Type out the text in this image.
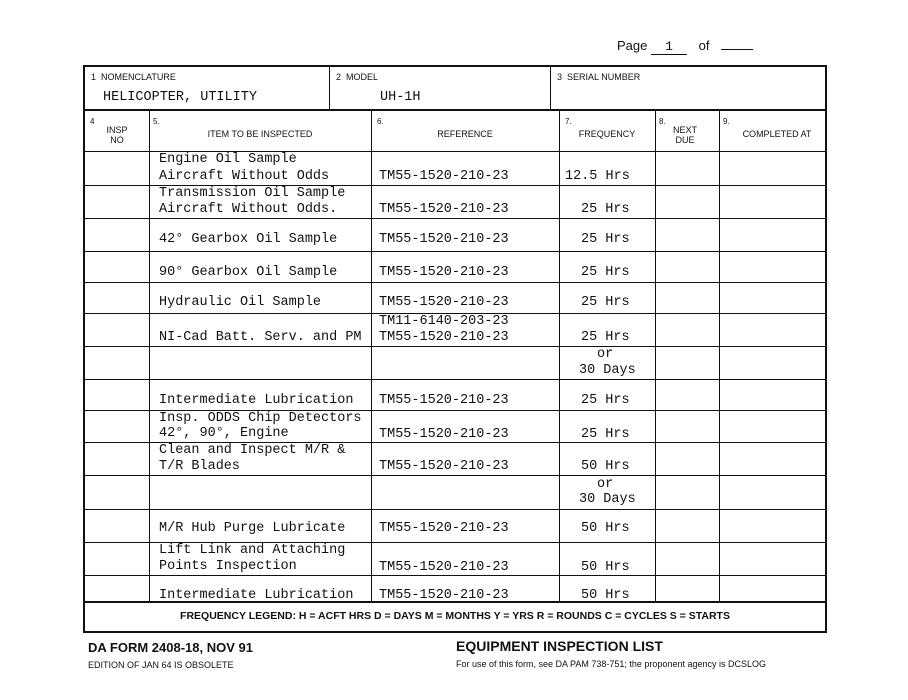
Page 1 of
1 NOMENCLATURE
HELICOPTER, UTILITY
2 MODEL
UH-1H
3 SERIAL NUMBER
4
INSP NO
5.
ITEM TO BE INSPECTED
6.
REFERENCE
7.
FREQUENCY
8.
NEXT DUE
9.
COMPLETED AT
Engine Oil Sample
Aircraft Without Odds	TM55-1520-210-23	12.5 Hrs
Transmission Oil Sample
Aircraft Without Odds.	TM55-1520-210-23	25 Hrs
42° Gearbox Oil Sample	TM55-1520-210-23	25 Hrs
90° Gearbox Oil Sample	TM55-1520-210-23	25 Hrs
Hydraulic Oil Sample	TM55-1520-210-23	25 Hrs
NI-Cad Batt. Serv. and PM
TM11-6140-203-23
TM55-1520-210-23	25 Hrs
or
30 Days
Intermediate Lubrication TM55-1520-210-23	25 Hrs
Insp. ODDS Chip Detectors
42°, 90°, Engine	TM55-1520-210-23	25 Hrs
Clean and Inspect M/R &
T/R Blades	TM55-1520-210-23	50 Hrs
or
30 Days
M/R Hub Purge Lubricate TM55-1520-210-23	50 Hrs
Lift Link and Attaching
Points Inspection	TM55-1520-210-23	50 Hrs
Intermediate Lubrication TM55-1520-210-23	50 Hrs
FREQUENCY LEGEND: H = ACFT HRS D = DAYS M = MONTHS Y = YRS R = ROUNDS C = CYCLES S = STARTS
DA FORM 2408-18, NOV 91
EDITION OF JAN 64 IS OBSOLETE
EQUIPMENT INSPECTION LIST
For use of this form, see DA PAM 738-751; the proponent agency is DCSLOG
